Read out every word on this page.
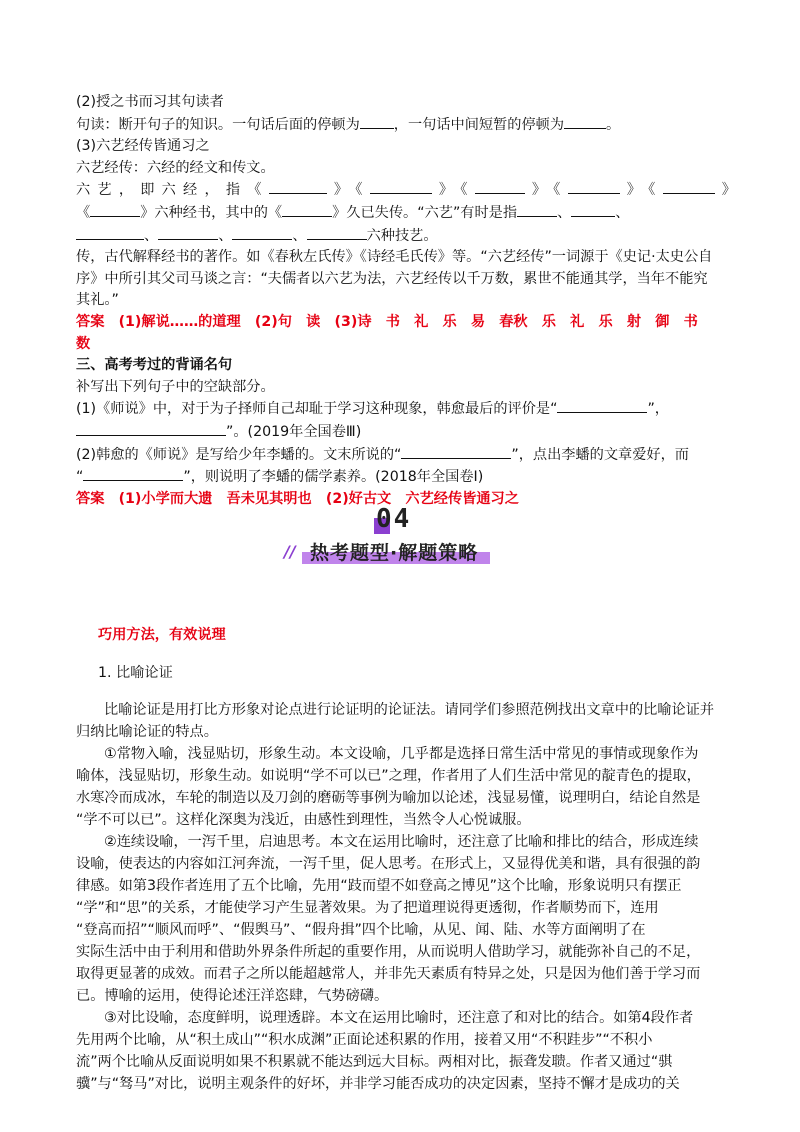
(2)授之书而习其句读者
句读：断开句子的知识。一句话后面的停顿为 ，一句话中间短暂的停顿为	。
(3)六艺经传皆通习之
六艺经传：六经的经文和传文。
六艺，即六经，指《	》《	》《	》《	》《	》
《	》六种经书，其中的《	》久已失传。“六艺”有时是指	、	、
、	、	、	六种技艺。
传，古代解释经书的著作。如《春秋左氏传》《诗经毛氏传》等。“六艺经传”一词源于《史记·太史公自
序》中所引其父司马谈之言：“夫儒者以六艺为法，六艺经传以千万数，累世不能通其学，当年不能究
其礼。”
答案　(1)解说……的道理　(2)句　读　(3)诗　书　礼　乐　易　春秋　乐　礼　乐　射　御　书
数
三、高考考过的背诵名句
补写出下列句子中的空缺部分。
(1)《师说》中，对于为子择师自己却耻于学习这种现象，韩愈最后的评价是“	”，
”。(2019年全国卷Ⅲ)
(2)韩愈的《师说》是写给少年李蟠的。文末所说的“	”，点出李蟠的文章爱好，而
“	”，则说明了李蟠的儒学素养。(2018年全国卷Ⅰ)
答案　(1)小学而大遗　吾未见其明也　(2)好古文　六艺经传皆通习之
04
// 热考题型·解题策略
巧用方法，有效说理
1. 比喻论证
比喻论证是用打比方形象对论点进行论证明的论证法。请同学们参照范例找出文章中的比喻论证并
归纳比喻论证的特点。
①常物入喻，浅显贴切，形象生动。本文设喻，几乎都是选择日常生活中常见的事情或现象作为
喻体，浅显贴切，形象生动。如说明“学不可以已”之理，作者用了人们生活中常见的靛青色的提取，
水寒冷而成冰，车轮的制造以及刀剑的磨砺等事例为喻加以论述，浅显易懂，说理明白，结论自然是
“学不可以已”。这样化深奥为浅近，由感性到理性，当然令人心悦诚服。
②连续设喻，一泻千里，启迪思考。本文在运用比喻时，还注意了比喻和排比的结合，形成连续
设喻，使表达的内容如江河奔流，一泻千里，促人思考。在形式上，又显得优美和谐，具有很强的韵
律感。如第3段作者连用了五个比喻，先用“跂而望不如登高之博见”这个比喻，形象说明只有摆正
“学”和“思”的关系，才能使学习产生显著效果。为了把道理说得更透彻，作者顺势而下，连用
“登高而招”“顺风而呼”、“假舆马”、“假舟揖”四个比喻，从见、闻、陆、水等方面阐明了在
实际生活中由于利用和借助外界条件所起的重要作用，从而说明人借助学习，就能弥补自己的不足，
取得更显著的成效。而君子之所以能超越常人，并非先天素质有特异之处，只是因为他们善于学习而
已。博喻的运用，使得论述汪洋恣肆，气势磅礴。
③对比设喻，态度鲜明，说理透辟。本文在运用比喻时，还注意了和对比的结合。如第4段作者
先用两个比喻，从“积土成山”“积水成渊”正面论述积累的作用，接着又用“不积跬步”“不积小
流”两个比喻从反面说明如果不积累就不能达到远大目标。两相对比，振聋发聩。作者又通过“骐
骥”与“驽马”对比，说明主观条件的好坏，并非学习能否成功的决定因素，坚持不懈才是成功的关
